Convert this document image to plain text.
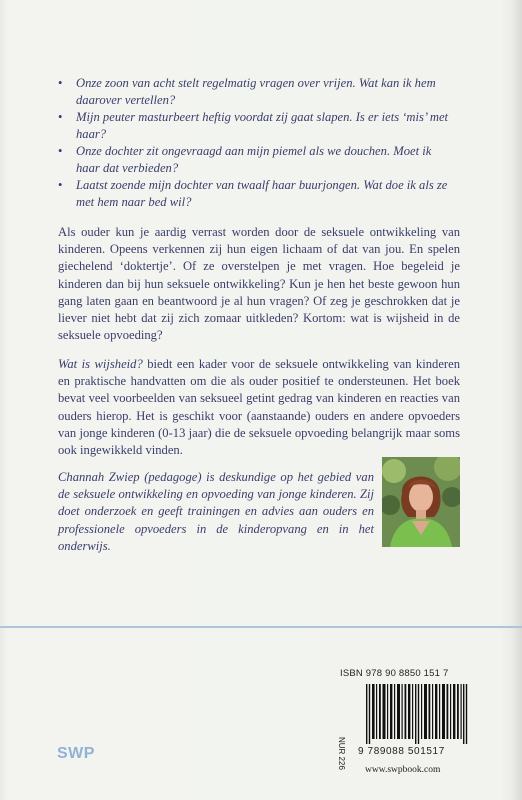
• Onze zoon van acht stelt regelmatig vragen over vrijen. Wat kan ik hem daarover vertellen?
• Mijn peuter masturbeert heftig voordat zij gaat slapen. Is er iets ‘mis’ met haar?
• Onze dochter zit ongevraagd aan mijn piemel als we douchen. Moet ik haar dat verbieden?
• Laatst zoende mijn dochter van twaalf haar buurjongen. Wat doe ik als ze met hem naar bed wil?

Als ouder kun je aardig verrast worden door de seksuele ontwikkeling van kinderen. Opeens verkennen zij hun eigen lichaam of dat van jou. En spelen giechelend ‘doktertje’. Of ze overstelpen je met vragen. Hoe begeleid je kinderen dan bij hun seksuele ontwikkeling? Kun je hen het beste gewoon hun gang laten gaan en beantwoord je al hun vragen? Of zeg je geschrokken dat je liever niet hebt dat zij zich zomaar uitkleden? Kortom: wat is wijsheid in de seksuele opvoeding?

Wat is wijsheid? biedt een kader voor de seksuele ontwikkeling van kinderen en praktische handvatten om die als ouder positief te ondersteunen. Het boek bevat veel voorbeelden van seksueel getint gedrag van kinderen en reacties van ouders hierop. Het is geschikt voor (aanstaande) ouders en andere opvoeders van jonge kinderen (0-13 jaar) die de seksuele opvoeding belangrijk maar soms ook ingewikkeld vinden.

Channah Zwiep (pedagoge) is deskundige op het gebied van de seksuele ontwikkeling en opvoeding van jonge kinderen. Zij doet onderzoek en geeft trainingen en advies aan ouders en professionele opvoeders in de kinderopvang en in het onderwijs.

ISBN 978 90 8850 151 7
9 789088 501517
www.swpbook.com
NUR 226
SWP
